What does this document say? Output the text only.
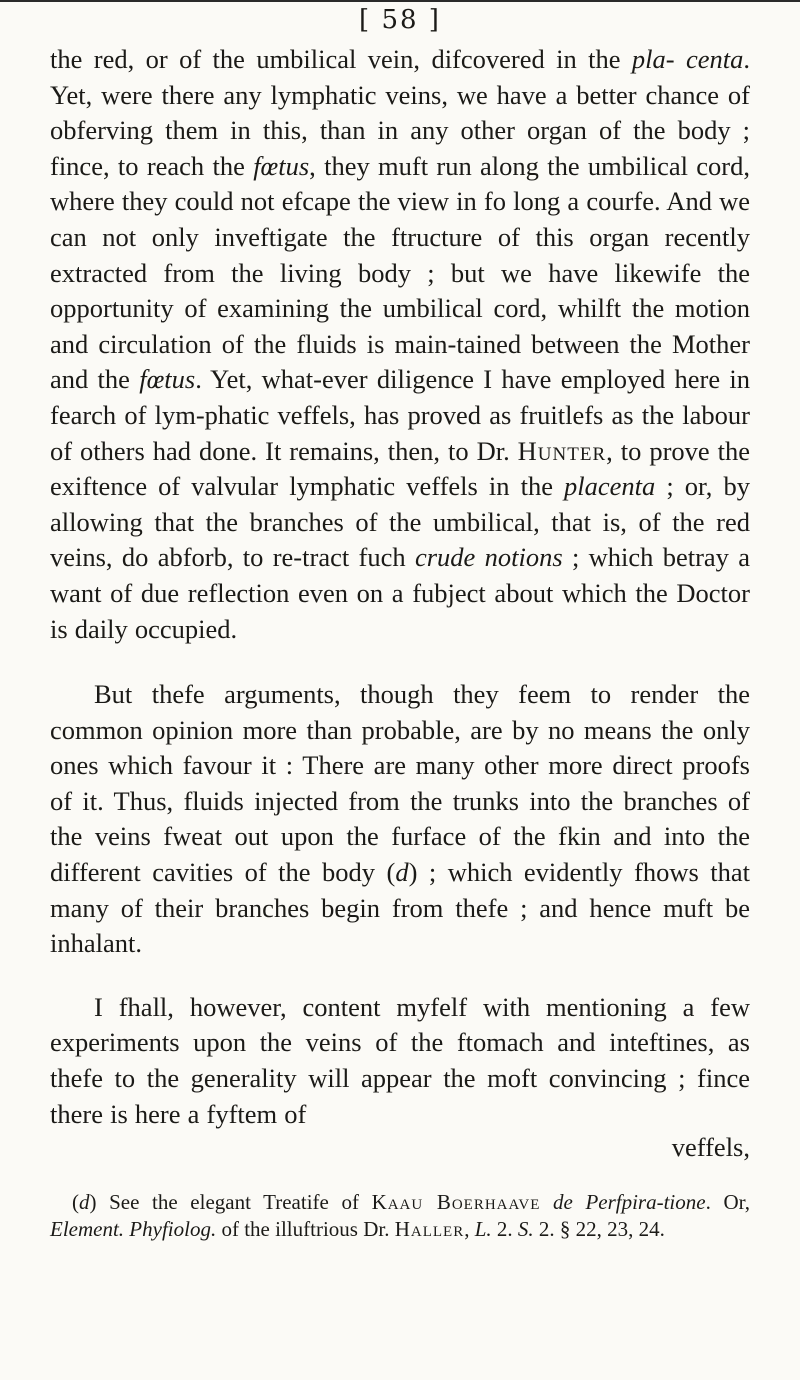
[ 58 ]
the red, or of the umbilical vein, difcovered in the pla- centa. Yet, were there any lymphatic veins, we have a better chance of obferving them in this, than in any other organ of the body ; fince, to reach the fœtus, they muft run along the umbilical cord, where they could not efcape the view in fo long a courfe. And we can not only inveftigate the ftructure of this organ recently extracted from the living body ; but we have likewife the opportunity of examining the umbilical cord, whilft the motion and circulation of the fluids is main-tained between the Mother and the fœtus. Yet, what-ever diligence I have employed here in fearch of lym-phatic veffels, has proved as fruitlefs as the labour of others had done. It remains, then, to Dr. Hunter, to prove the exiftence of valvular lymphatic veffels in the placenta ; or, by allowing that the branches of the umbilical, that is, of the red veins, do abforb, to re-tract fuch crude notions ; which betray a want of due reflection even on a fubject about which the Doctor is daily occupied.
But thefe arguments, though they feem to render the common opinion more than probable, are by no means the only ones which favour it : There are many other more direct proofs of it. Thus, fluids injected from the trunks into the branches of the veins fweat out upon the furface of the fkin and into the different cavities of the body (d) ; which evidently fhows that many of their branches begin from thefe ; and hence muft be inhalant.
I fhall, however, content myfelf with mentioning a few experiments upon the veins of the ftomach and inteftines, as thefe to the generality will appear the moft convincing ; fince there is here a fyftem of
veffels,
(d) See the elegant Treatife of Kaau Boerhaave de Perfpira-tione. Or, Element. Phyfiolog. of the illuftrious Dr. Haller, L. 2. S. 2. § 22, 23, 24.
